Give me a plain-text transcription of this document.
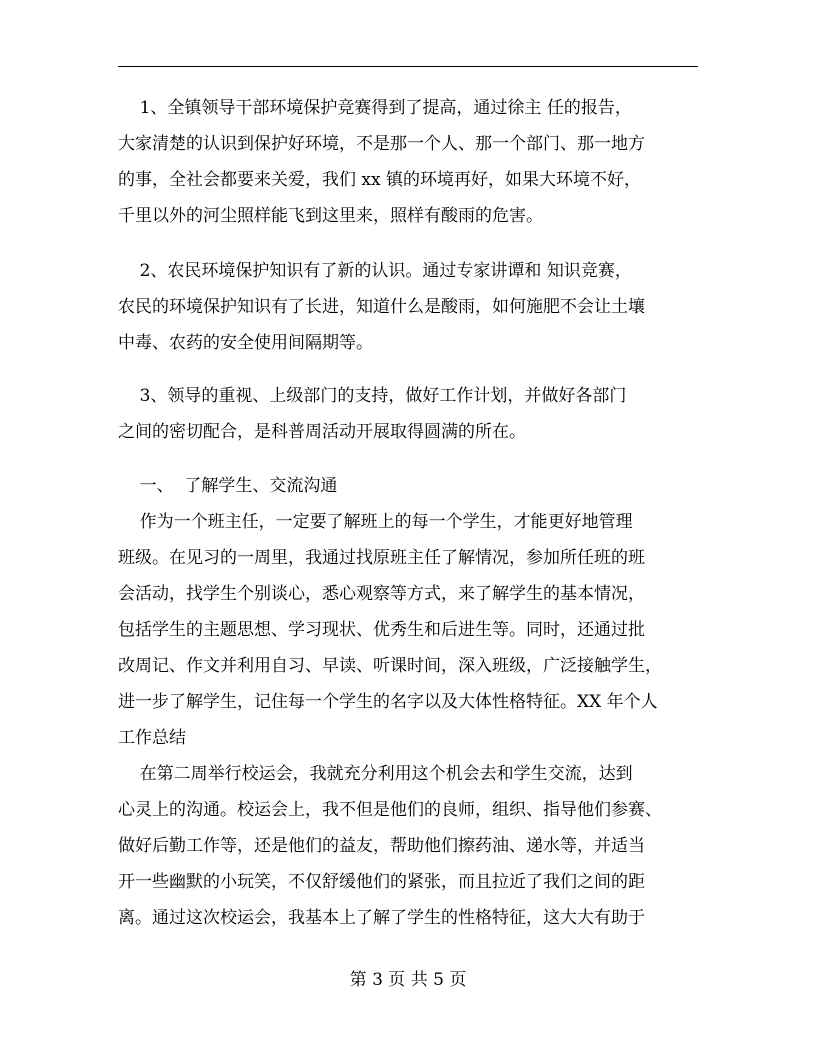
1、全镇领导干部环境保护竞赛得到了提高，通过徐主 任的报告，
大家清楚的认识到保护好环境，不是那一个人、那一个部门、那一地方
的事，全社会都要来关爱，我们 xx 镇的环境再好，如果大环境不好，
千里以外的河尘照样能飞到这里来，照样有酸雨的危害。
2、农民环境保护知识有了新的认识。通过专家讲谭和 知识竞赛，
农民的环境保护知识有了长进，知道什么是酸雨，如何施肥不会让土壤
中毒、农药的安全使用间隔期等。
3、领导的重视、上级部门的支持，做好工作计划，并做好各部门
之间的密切配合，是科普周活动开展取得圆满的所在。
一、  了解学生、交流沟通
作为一个班主任，一定要了解班上的每一个学生，才能更好地管理
班级。在见习的一周里，我通过找原班主任了解情况，参加所任班的班
会活动，找学生个别谈心，悉心观察等方式，来了解学生的基本情况，
包括学生的主题思想、学习现状、优秀生和后进生等。同时，还通过批
改周记、作文并利用自习、早读、听课时间，深入班级，广泛接触学生，
进一步了解学生，记住每一个学生的名字以及大体性格特征。XX 年个人
工作总结
在第二周举行校运会，我就充分利用这个机会去和学生交流，达到
心灵上的沟通。校运会上，我不但是他们的良师，组织、指导他们参赛、
做好后勤工作等，还是他们的益友，帮助他们擦药油、递水等，并适当
开一些幽默的小玩笑，不仅舒缓他们的紧张，而且拉近了我们之间的距
离。通过这次校运会，我基本上了解了学生的性格特征，这大大有助于
第 3 页 共 5 页
